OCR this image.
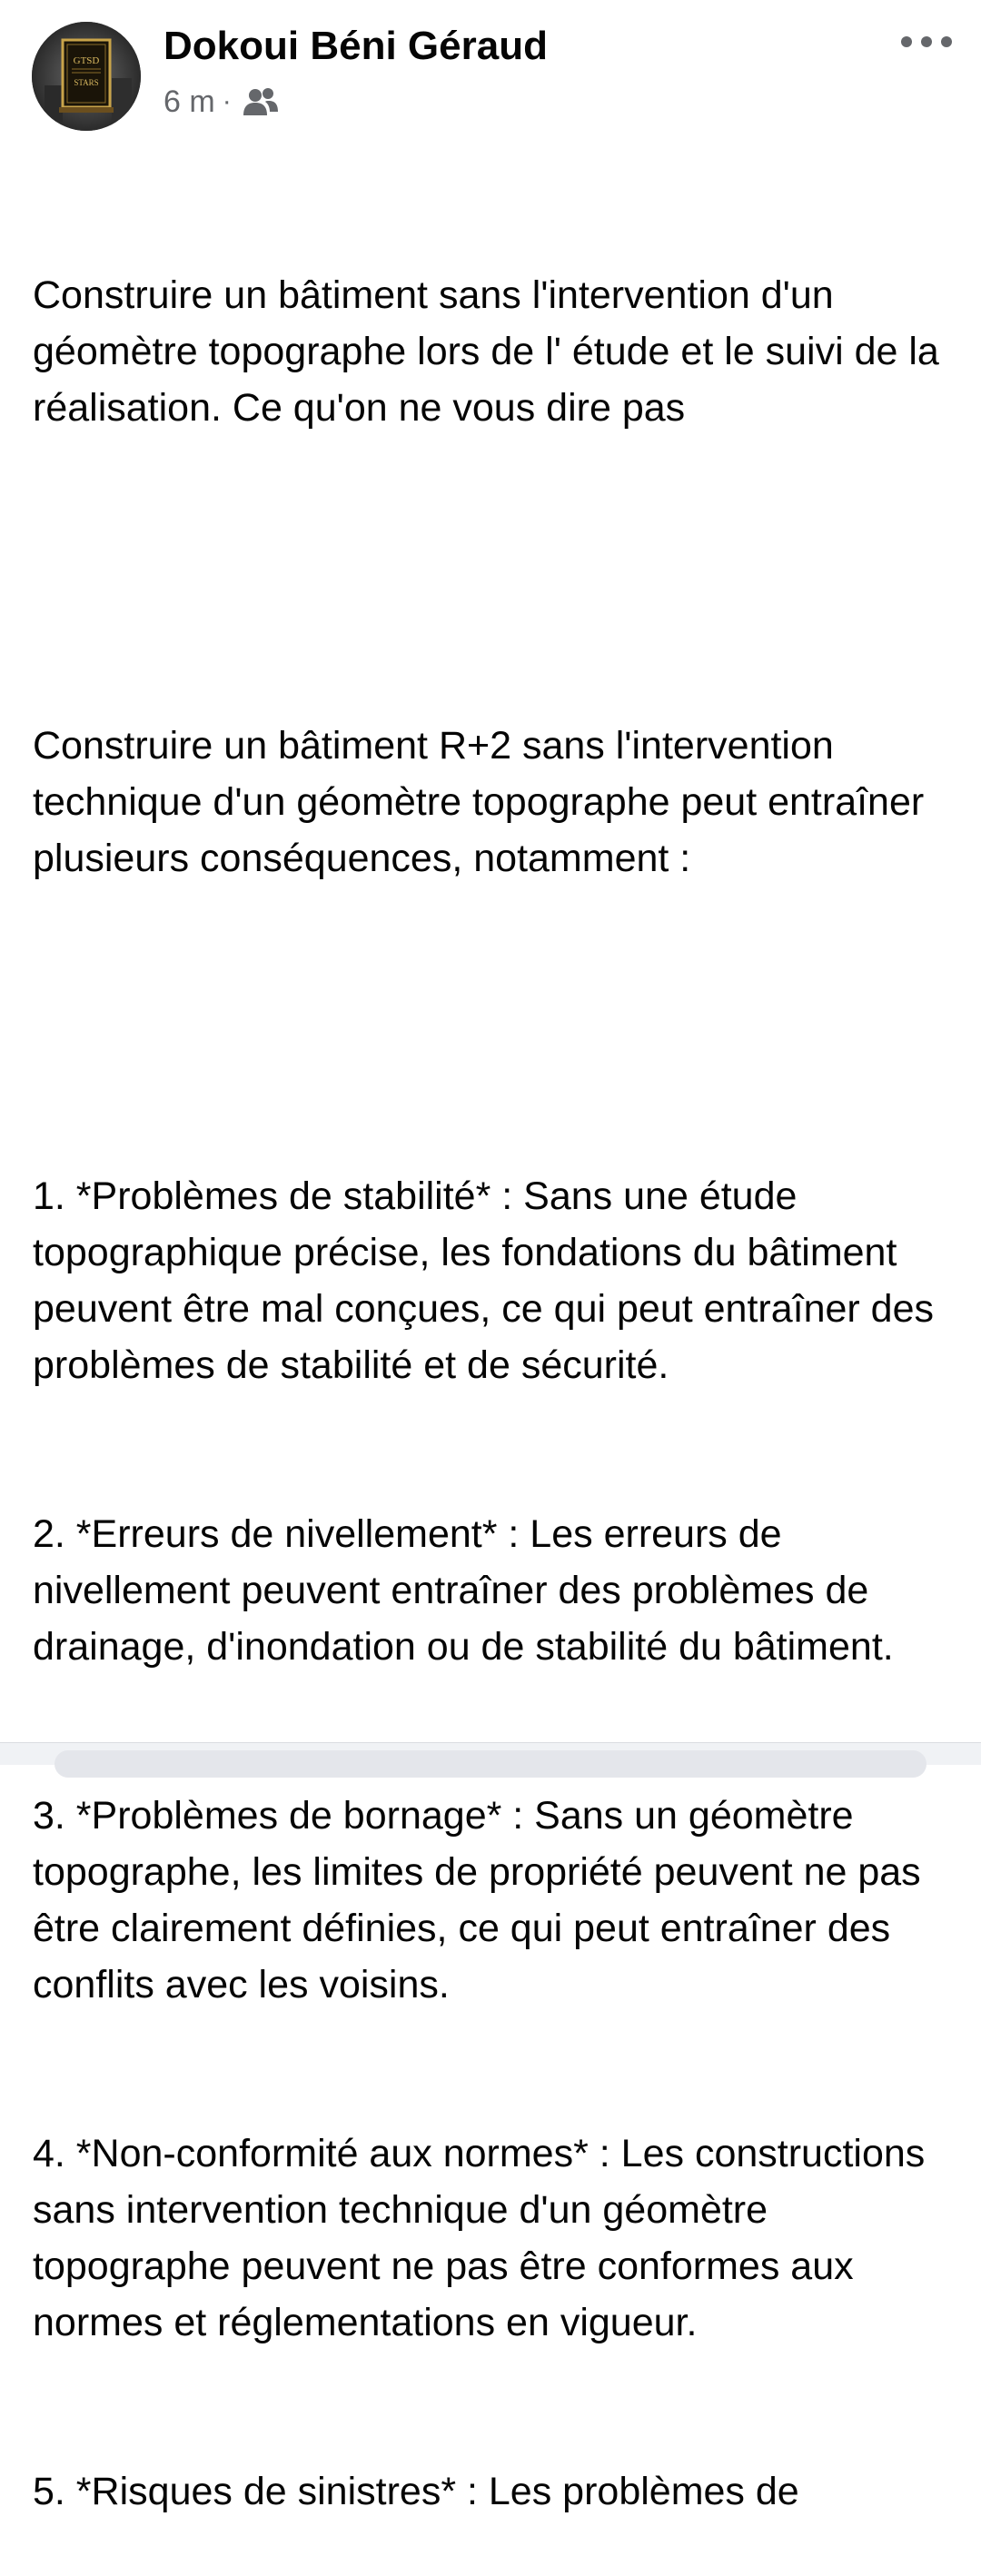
GTSD
STARS
Dokoui Béni Géraud
6 m ·

Construire un bâtiment sans l'intervention d'un géomètre topographe lors de l' étude et le suivi de la réalisation. Ce qu'on ne vous dire pas

Construire un bâtiment R+2 sans l'intervention technique d'un géomètre topographe peut entraîner plusieurs conséquences, notamment :

1. *Problèmes de stabilité* : Sans une étude topographique précise, les fondations du bâtiment peuvent être mal conçues, ce qui peut entraîner des problèmes de stabilité et de sécurité.

2. *Erreurs de nivellement* : Les erreurs de nivellement peuvent entraîner des problèmes de drainage, d'inondation ou de stabilité du bâtiment.

3. *Problèmes de bornage* : Sans un géomètre topographe, les limites de propriété peuvent ne pas être clairement définies, ce qui peut entraîner des conflits avec les voisins.

4. *Non-conformité aux normes* : Les constructions sans intervention technique d'un géomètre topographe peuvent ne pas être conformes aux normes et réglementations en vigueur.

5. *Risques de sinistres* : Les problèmes de
